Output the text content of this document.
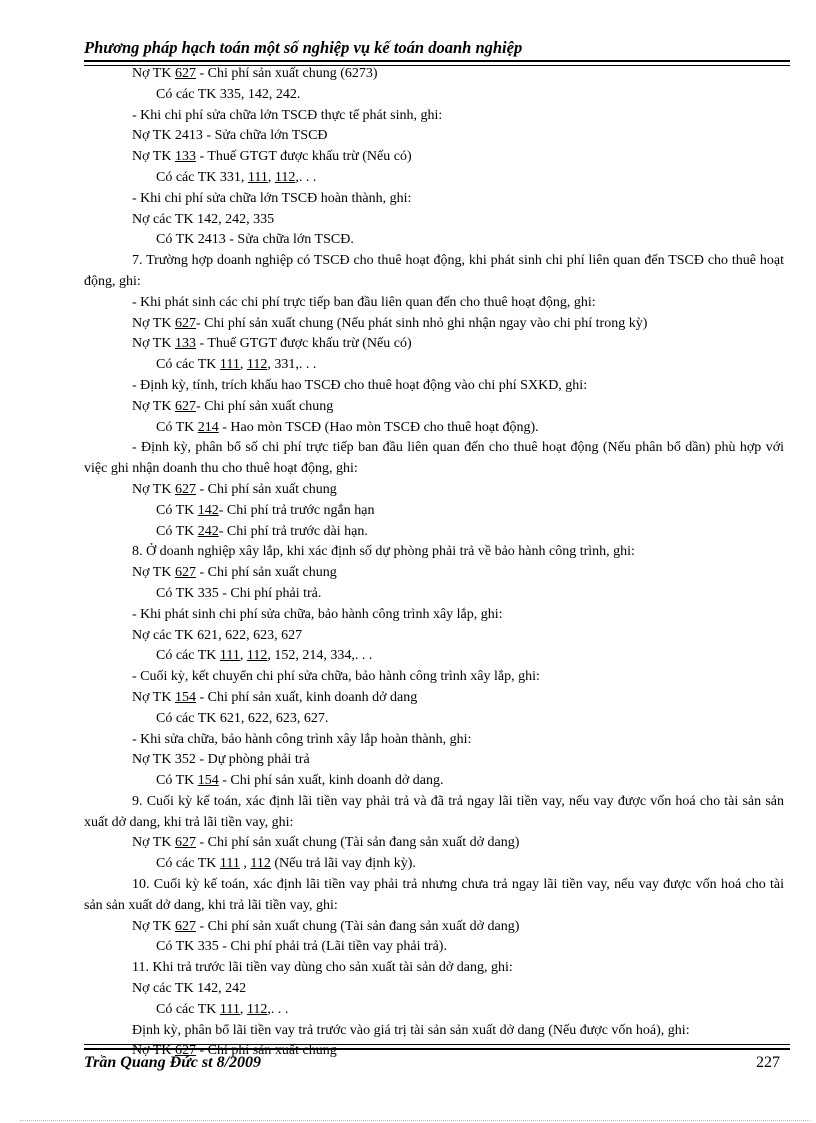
Phương pháp hạch toán một số nghiệp vụ kế toán doanh nghiệp
Nợ TK 627 - Chi phí sản xuất chung (6273)
Có các TK 335, 142, 242.
- Khi chi phí sửa chữa lớn TSCĐ thực tế phát sinh, ghi:
Nợ TK 2413 - Sửa chữa lớn TSCĐ
Nợ TK 133 - Thuế GTGT được khấu trừ (Nếu có)
Có các TK 331, 111, 112,. . .
- Khi chi phí sửa chữa lớn TSCĐ hoàn thành, ghi:
Nợ các TK 142, 242, 335
Có TK 2413 - Sửa chữa lớn TSCĐ.
7. Trường hợp doanh nghiệp có TSCĐ cho thuê hoạt động, khi phát sinh chi phí liên quan đến TSCĐ cho thuê hoạt động, ghi:
- Khi phát sinh các chi phí trực tiếp ban đầu liên quan đến cho thuê hoạt động, ghi:
Nợ TK 627- Chi phí sản xuất chung (Nếu phát sinh nhỏ ghi nhận ngay vào chi phí trong kỳ)
Nợ TK 133 - Thuế GTGT được khấu trừ (Nếu có)
Có các TK 111, 112, 331,. . .
- Định kỳ, tính, trích khấu hao TSCĐ cho thuê hoạt động vào chi phí SXKD, ghi:
Nợ TK 627- Chi phí sản xuất chung
Có TK 214 - Hao mòn TSCĐ (Hao mòn TSCĐ cho thuê hoạt động).
- Định kỳ, phân bổ số chi phí trực tiếp ban đầu liên quan đến cho thuê hoạt động (Nếu phân bổ dần) phù hợp với việc ghi nhận doanh thu cho thuê hoạt động, ghi:
Nợ TK 627 - Chi phí sản xuất chung
Có TK 142- Chi phí trả trước ngắn hạn
Có TK 242- Chi phí trả trước dài hạn.
8. Ở doanh nghiệp xây lắp, khi xác định số dự phòng phải trả về bảo hành công trình, ghi:
Nợ TK 627 - Chi phí sản xuất chung
Có TK 335 - Chi phí phải trả.
- Khi phát sinh chi phí sửa chữa, bảo hành công trình xây lắp, ghi:
Nợ các TK 621, 622, 623, 627
Có các TK 111, 112, 152, 214, 334,. . .
- Cuối kỳ, kết chuyển chi phí sửa chữa, bảo hành công trình xây lắp, ghi:
Nợ TK 154 - Chi phí sản xuất, kinh doanh dở dang
Có các TK 621, 622, 623, 627.
- Khi sửa chữa, bảo hành công trình xây lắp hoàn thành, ghi:
Nợ TK 352 - Dự phòng phải trả
Có TK 154 - Chi phí sản xuất, kinh doanh dở dang.
9. Cuối kỳ kế toán, xác định lãi tiền vay phải trả và đã trả ngay lãi tiền vay, nếu vay được vốn hoá cho tài sản sản xuất dở dang, khi trả lãi tiền vay, ghi:
Nợ TK 627 - Chi phí sản xuất chung (Tài sản đang sản xuất dở dang)
Có các TK 111 , 112 (Nếu trả lãi vay định kỳ).
10. Cuối kỳ kế toán, xác định lãi tiền vay phải trả nhưng chưa trả ngay lãi tiền vay, nếu vay được vốn hoá cho tài sản sản xuất dở dang, khi trả lãi tiền vay, ghi:
Nợ TK 627 - Chi phí sản xuất chung (Tài sản đang sản xuất dở dang)
Có TK 335 - Chi phí phải trả (Lãi tiền vay phải trả).
11. Khi trả trước lãi tiền vay dùng cho sản xuất tài sản dở dang, ghi:
Nợ các TK 142, 242
Có các TK 111, 112,. . .
Định kỳ, phân bổ lãi tiền vay trả trước vào giá trị tài sản sản xuất dở dang (Nếu được vốn hoá), ghi:
Nợ TK 627 - Chi phí sản xuất chung
Trần Quang Đức st 8/2009	227
